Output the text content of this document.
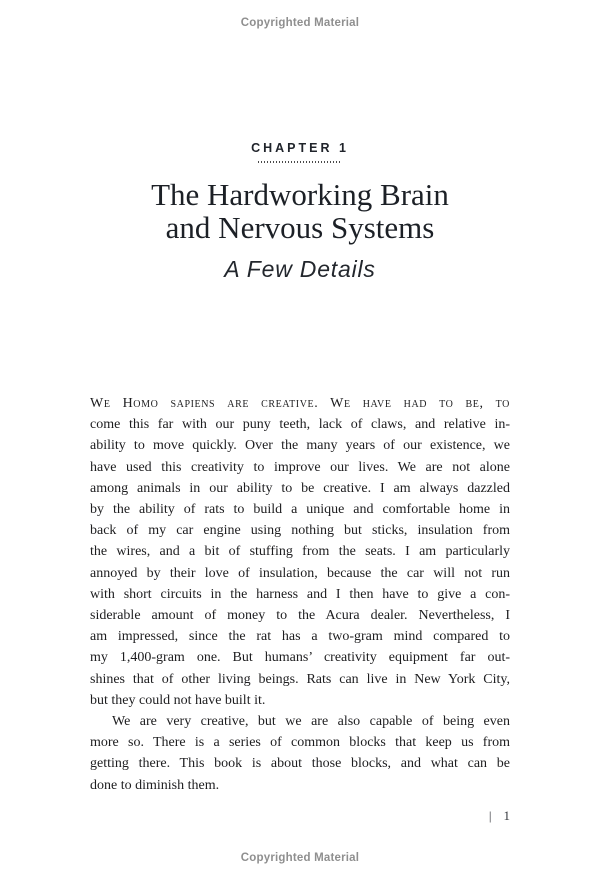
Copyrighted Material
CHAPTER 1
The Hardworking Brain
and Nervous Systems
A Few Details
We Homo sapiens are creative. We have had to be, to
come this far with our puny teeth, lack of claws, and relative in-
ability to move quickly. Over the many years of our existence, we
have used this creativity to improve our lives. We are not alone
among animals in our ability to be creative. I am always dazzled
by the ability of rats to build a unique and comfortable home in
back of my car engine using nothing but sticks, insulation from
the wires, and a bit of stuffing from the seats. I am particularly
annoyed by their love of insulation, because the car will not run
with short circuits in the harness and I then have to give a con-
siderable amount of money to the Acura dealer. Nevertheless, I
am impressed, since the rat has a two-gram mind compared to
my 1,400-gram one. But humans’ creativity equipment far out-
shines that of other living beings. Rats can live in New York City,
but they could not have built it.
We are very creative, but we are also capable of being even
more so. There is a series of common blocks that keep us from
getting there. This book is about those blocks, and what can be
done to diminish them.
| 1
Copyrighted Material
